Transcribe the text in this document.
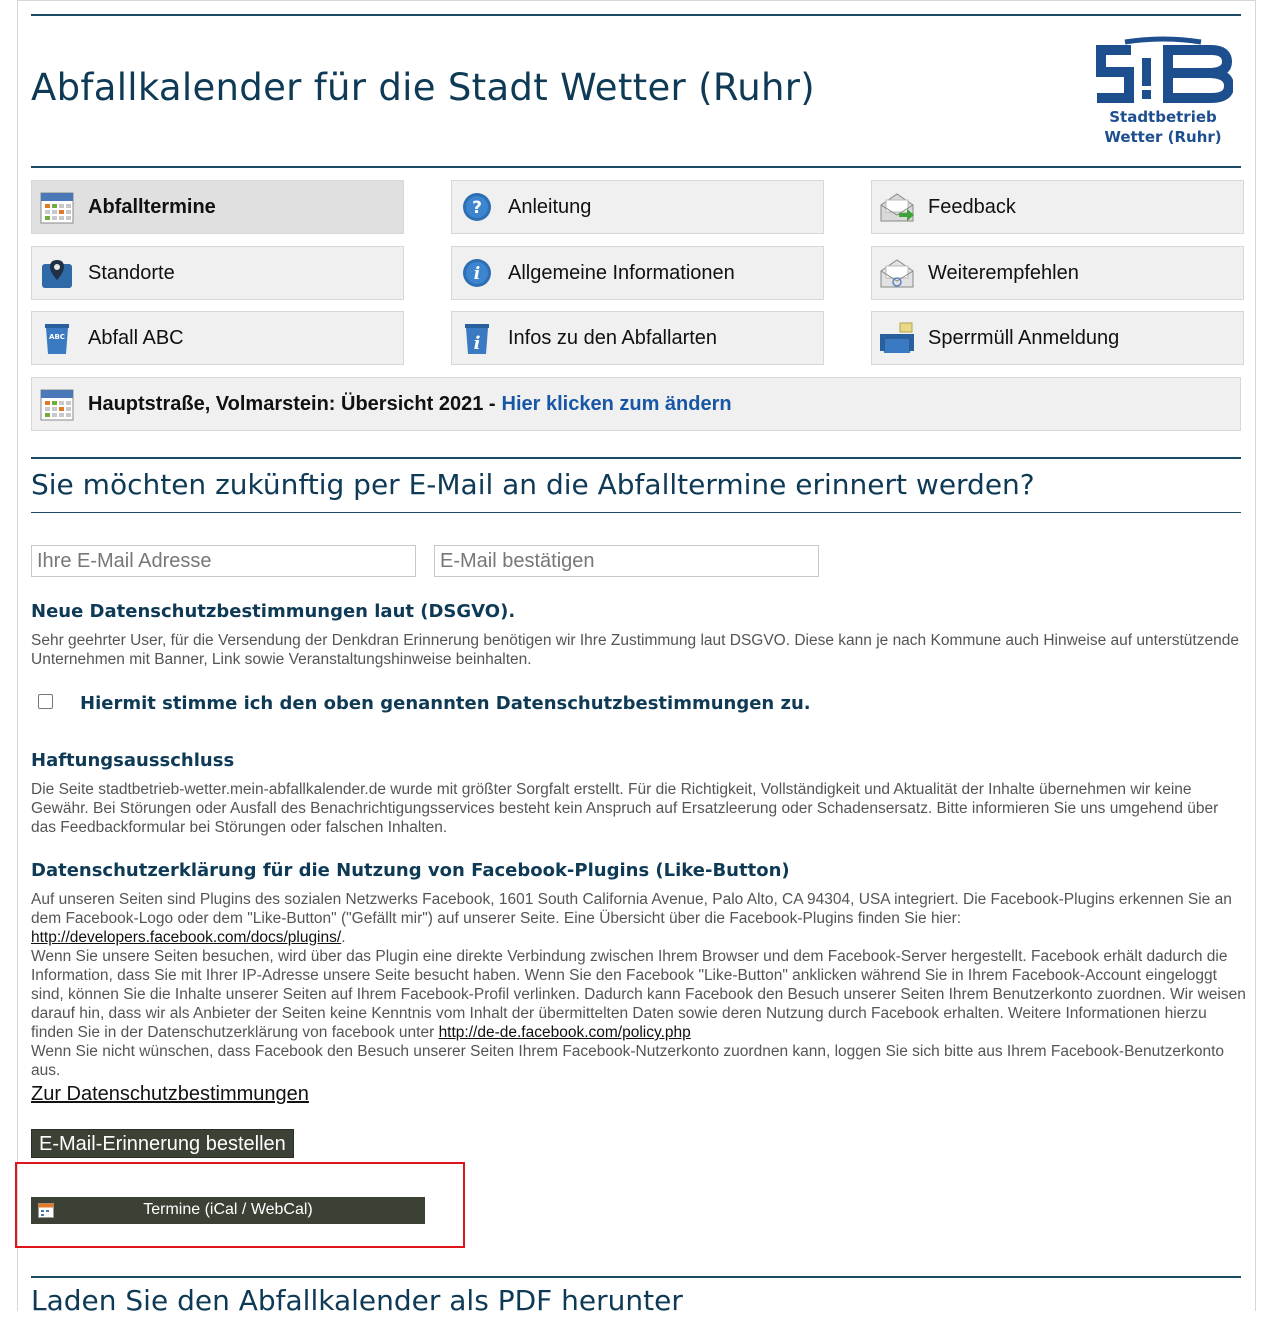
Abfallkalender für die Stadt Wetter (Ruhr)
Stadtbetrieb
Wetter (Ruhr)
Abfalltermine	? Anleitung	Feedback
Standorte	i Allgemeine Informationen	Weiterempfehlen
ABC Abfall ABC	i Infos zu den Abfallarten	Sperrmüll Anmeldung
Hauptstraße, Volmarstein: Übersicht 2021 - Hier klicken zum ändern
Sie möchten zukünftig per E-Mail an die Abfalltermine erinnert werden?
Ihre E-Mail Adresse
E-Mail bestätigen
Neue Datenschutzbestimmungen laut (DSGVO).

Sehr geehrter User, für die Versendung der Denkdran Erinnerung benötigen wir Ihre Zustimmung laut DSGVO. Diese kann je nach Kommune auch Hinweise auf unterstützende Unternehmen mit Banner, Link sowie Veranstaltungshinweise beinhalten.

Hiermit stimme ich den oben genannten Datenschutzbestimmungen zu.
Haftungsausschluss

Die Seite stadtbetrieb-wetter.mein-abfallkalender.de wurde mit größter Sorgfalt erstellt. Für die Richtigkeit, Vollständigkeit und Aktualität der Inhalte übernehmen wir keine Gewähr. Bei Störungen oder Ausfall des Benachrichtigungsservices besteht kein Anspruch auf Ersatzleerung oder Schadensersatz. Bitte informieren Sie uns umgehend über das Feedbackformular bei Störungen oder falschen Inhalten.

Datenschutzerklärung für die Nutzung von Facebook-Plugins (Like-Button)

Auf unseren Seiten sind Plugins des sozialen Netzwerks Facebook, 1601 South California Avenue, Palo Alto, CA 94304, USA integriert. Die Facebook-Plugins erkennen Sie an dem Facebook-Logo oder dem "Like-Button" ("Gefällt mir") auf unserer Seite. Eine Übersicht über die Facebook-Plugins finden Sie hier:
http://developers.facebook.com/docs/plugins/.
Wenn Sie unsere Seiten besuchen, wird über das Plugin eine direkte Verbindung zwischen Ihrem Browser und dem Facebook-Server hergestellt. Facebook erhält dadurch die Information, dass Sie mit Ihrer IP-Adresse unsere Seite besucht haben. Wenn Sie den Facebook "Like-Button" anklicken während Sie in Ihrem Facebook-Account eingeloggt sind, können Sie die Inhalte unserer Seiten auf Ihrem Facebook-Profil verlinken. Dadurch kann Facebook den Besuch unserer Seiten Ihrem Benutzerkonto zuordnen. Wir weisen darauf hin, dass wir als Anbieter der Seiten keine Kenntnis vom Inhalt der übermittelten Daten sowie deren Nutzung durch Facebook erhalten. Weitere Informationen hierzu finden Sie in der Datenschutzerklärung von facebook unter http://de-de.facebook.com/policy.php
Wenn Sie nicht wünschen, dass Facebook den Besuch unserer Seiten Ihrem Facebook-Nutzerkonto zuordnen kann, loggen Sie sich bitte aus Ihrem Facebook-Benutzerkonto aus.

Zur Datenschutzbestimmungen
E-Mail-Erinnerung bestellen
Termine (iCal / WebCal)
Laden Sie den Abfallkalender als PDF herunter
